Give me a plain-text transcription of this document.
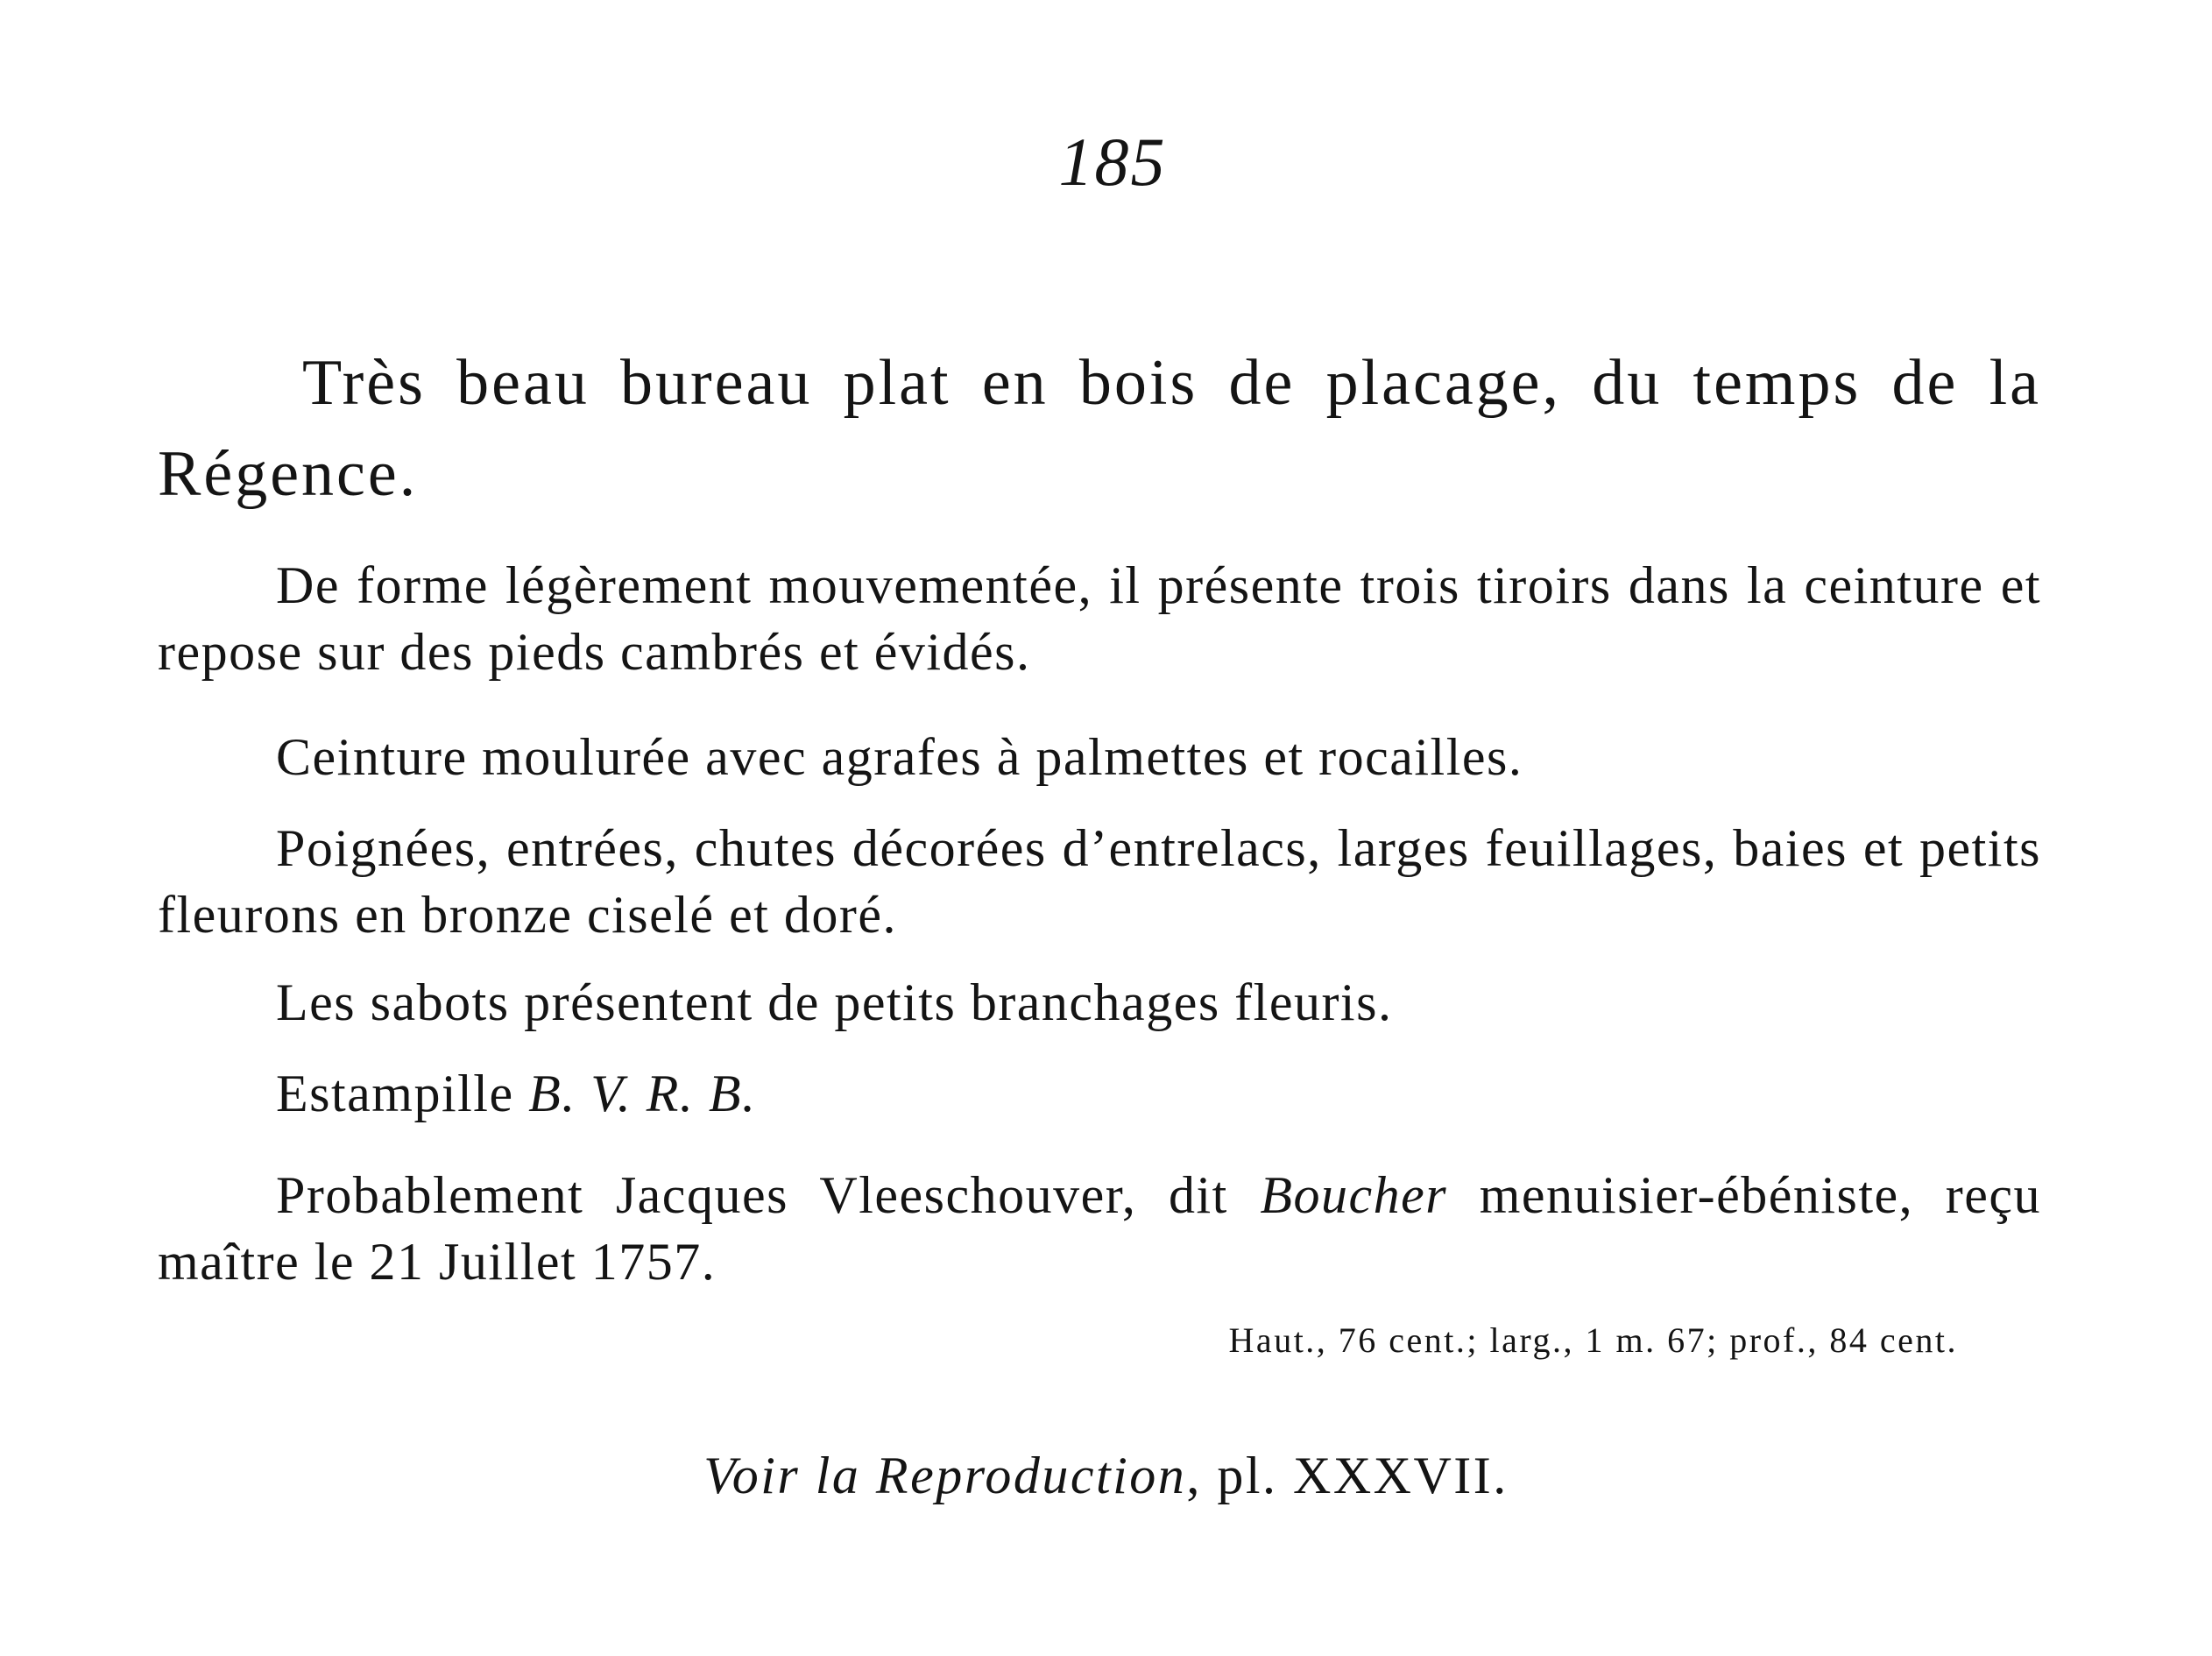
185

Très beau bureau plat en bois de placage, du temps de la Régence.

De forme légèrement mouvementée, il présente trois tiroirs dans la ceinture et repose sur des pieds cambrés et évidés.

Ceinture moulurée avec agrafes à palmettes et rocailles.

Poignées, entrées, chutes décorées d’entrelacs, larges feuillages, baies et petits fleurons en bronze ciselé et doré.

Les sabots présentent de petits branchages fleuris.

Estampille B. V. R. B.

Probablement Jacques Vleeschouver, dit Boucher menuisier-ébéniste, reçu maître le 21 Juillet 1757.

Haut., 76 cent.; larg., 1 m. 67; prof., 84 cent.
Voir la Reproduction, pl. XXXVII.
